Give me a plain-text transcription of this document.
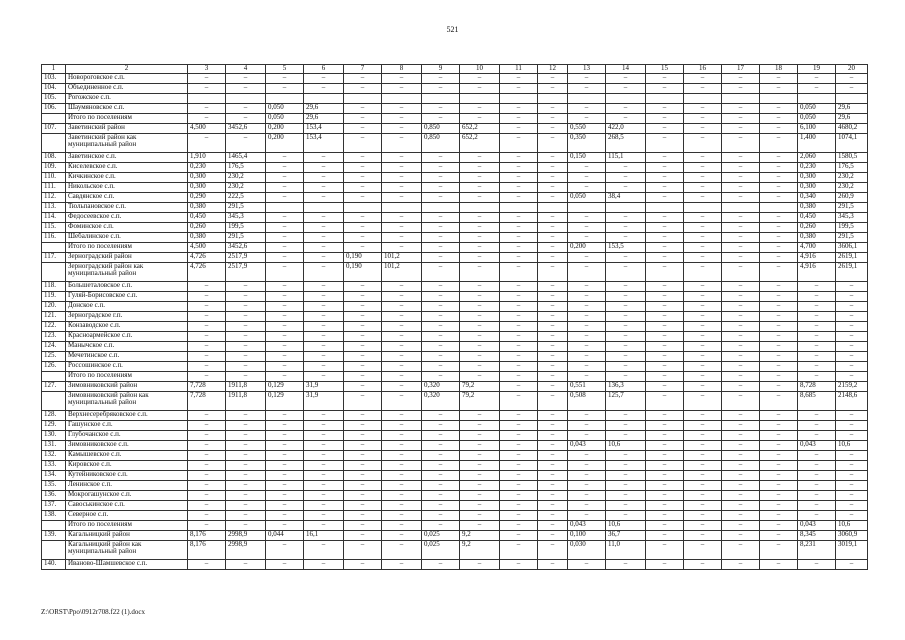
521
1	2	3	4	5	6	7	8	9	10	11	12	13	14	15	16	17	18	19	20
103.	Новороговское с.п.	–	–	–	–	–	–	–	–	–	–	–	–	–	–	–	–	–	–
104.	Объединенное с.п.	–	–	–	–	–	–	–	–	–	–	–	–	–	–	–	–	–	–
105.	Рогожское с.п.																		
106.	Шаумяновское с.п.	–	–	0,050	29,6	–	–	–	–	–	–	–	–	–	–	–	–	0,050	29,6
	Итого по поселениям	–	–	0,050	29,6	–	–	–	–	–	–	–	–	–	–	–	–	0,050	29,6
107.	Заветинский район	4,500	3452,6	0,200	153,4	–	–	0,850	652,2	–	–	0,550	422,0	–	–	–	–	6,100	4680,2
	Заветинский район как муниципальный район	–	–	0,200	153,4	–	–	0,850	652,2	–	–	0,350	268,5	–	–	–	–	1,400	1074,1
108.	Заветинское с.п.	1,910	1465,4	–	–	–	–	–	–	–	–	0,150	115,1	–	–	–	–	2,060	1580,5
109.	Киселевское с.п.	0,230	176,5	–	–	–	–	–	–	–	–	–	–	–	–	–	–	0,230	176,5
110.	Кичкинское с.п.	0,300	230,2	–	–	–	–	–	–	–	–	–	–	–	–	–	–	0,300	230,2
111.	Никольское с.п.	0,300	230,2	–	–	–	–	–	–	–	–	–	–	–	–	–	–	0,300	230,2
112.	Савдянское с.п.	0,290	222,5	–	–	–	–	–	–	–	–	0,050	38,4	–	–	–	–	0,340	260,9
113.	Тюльпановское с.п.	0,380	291,5															0,380	291,5
114.	Федосеевское с.п.	0,450	345,3	–	–	–	–	–	–	–	–	–	–	–	–	–	–	0,450	345,3
115.	Фоминское с.п.	0,260	199,5	–	–	–	–	–	–	–	–	–	–	–	–	–	–	0,260	199,5
116.	Шебалинское с.п.	0,380	291,5	–	–	–	–	–	–	–	–	–	–	–	–	–	–	0,380	291,5
	Итого по поселениям	4,500	3452,6	–	–	–	–	–	–	–	–	0,200	153,5	–	–	–	–	4,700	3606,1
117.	Зерноградский район	4,726	2517,9	–	–	0,190	101,2	–	–	–	–	–	–	–	–	–	–	4,916	2619,1
	Зерноградский район как муниципальный район	4,726	2517,9	–	–	0,190	101,2	–	–	–	–	–	–	–	–	–	–	4,916	2619,1
118.	Большеталовское с.п.	–	–	–	–	–	–	–	–	–	–	–	–	–	–	–	–	–	–
119.	Гуляй-Борисовское с.п.	–	–	–	–	–	–	–	–	–	–	–	–	–	–	–	–	–	–
120.	Донское с.п.	–	–	–	–	–	–	–	–	–	–	–	–	–	–	–	–	–	–
121.	Зерноградское г.п.	–	–	–	–	–	–	–	–	–	–	–	–	–	–	–	–	–	–
122.	Конзаводское с.п.	–	–	–	–	–	–	–	–	–	–	–	–	–	–	–	–	–	–
123.	Красноармейское с.п.	–	–	–	–	–	–	–	–	–	–	–	–	–	–	–	–	–	–
124.	Манычское с.п.	–	–	–	–	–	–	–	–	–	–	–	–	–	–	–	–	–	–
125.	Мечетинское с.п.	–	–	–	–	–	–	–	–	–	–	–	–	–	–	–	–	–	–
126.	Россошинское с.п.	–	–	–	–	–	–	–	–	–	–	–	–	–	–	–	–	–	–
	Итого по поселениям	–	–	–	–	–	–	–	–	–	–	–	–	–	–	–	–	–	–
127.	Зимовниковский район	7,728	1911,8	0,129	31,9	–	–	0,320	79,2	–	–	0,551	136,3	–	–	–	–	8,728	2159,2
	Зимовниковский район как муниципальный район	7,728	1911,8	0,129	31,9	–	–	0,320	79,2	–	–	0,508	125,7	–	–	–	–	8,685	2148,6
128.	Верхнесеребряковское с.п.	–	–	–	–	–	–	–	–	–	–	–	–	–	–	–	–	–	–
129.	Гашунское с.п.	–	–	–	–	–	–	–	–	–	–	–	–	–	–	–	–	–	–
130.	Глубочанское с.п.	–	–	–	–	–	–	–	–	–	–	–	–	–	–	–	–	–	–
131.	Зимовниковское с.п.	–	–	–	–	–	–	–	–	–	–	0,043	10,6	–	–	–	–	0,043	10,6
132.	Камышевское с.п.	–	–	–	–	–	–	–	–	–	–	–	–	–	–	–	–	–	–
133.	Кировское с.п.	–	–	–	–	–	–	–	–	–	–	–	–	–	–	–	–	–	–
134.	Кутейниковское с.п.	–	–	–	–	–	–	–	–	–	–	–	–	–	–	–	–	–	–
135.	Ленинское с.п.	–	–	–	–	–	–	–	–	–	–	–	–	–	–	–	–	–	–
136.	Мокрогашунское с.п.	–	–	–	–	–	–	–	–	–	–	–	–	–	–	–	–	–	–
137.	Савоськинское с.п.	–	–	–	–	–	–	–	–	–	–	–	–	–	–	–	–	–	–
138.	Северное с.п.	–	–	–	–	–	–	–	–	–	–	–	–	–	–	–	–	–	–
	Итого по поселениям	–	–	–	–	–	–	–	–	–	–	0,043	10,6	–	–	–	–	0,043	10,6
139.	Кагальницкий район	8,176	2998,9	0,044	16,1	–	–	0,025	9,2	–	–	0,100	36,7	–	–	–	–	8,345	3060,9
	Кагальницкий район как муниципальный район	8,176	2998,9	–	–	–	–	0,025	9,2	–	–	0,030	11,0	–	–	–	–	8,231	3019,1
140.	Ивановo-Шамшевское с.п.	–	–	–	–	–	–	–	–	–	–	–	–	–	–	–	–	–	–
Z:\ORST\Ppo\0912r708.f22 (1).docx
